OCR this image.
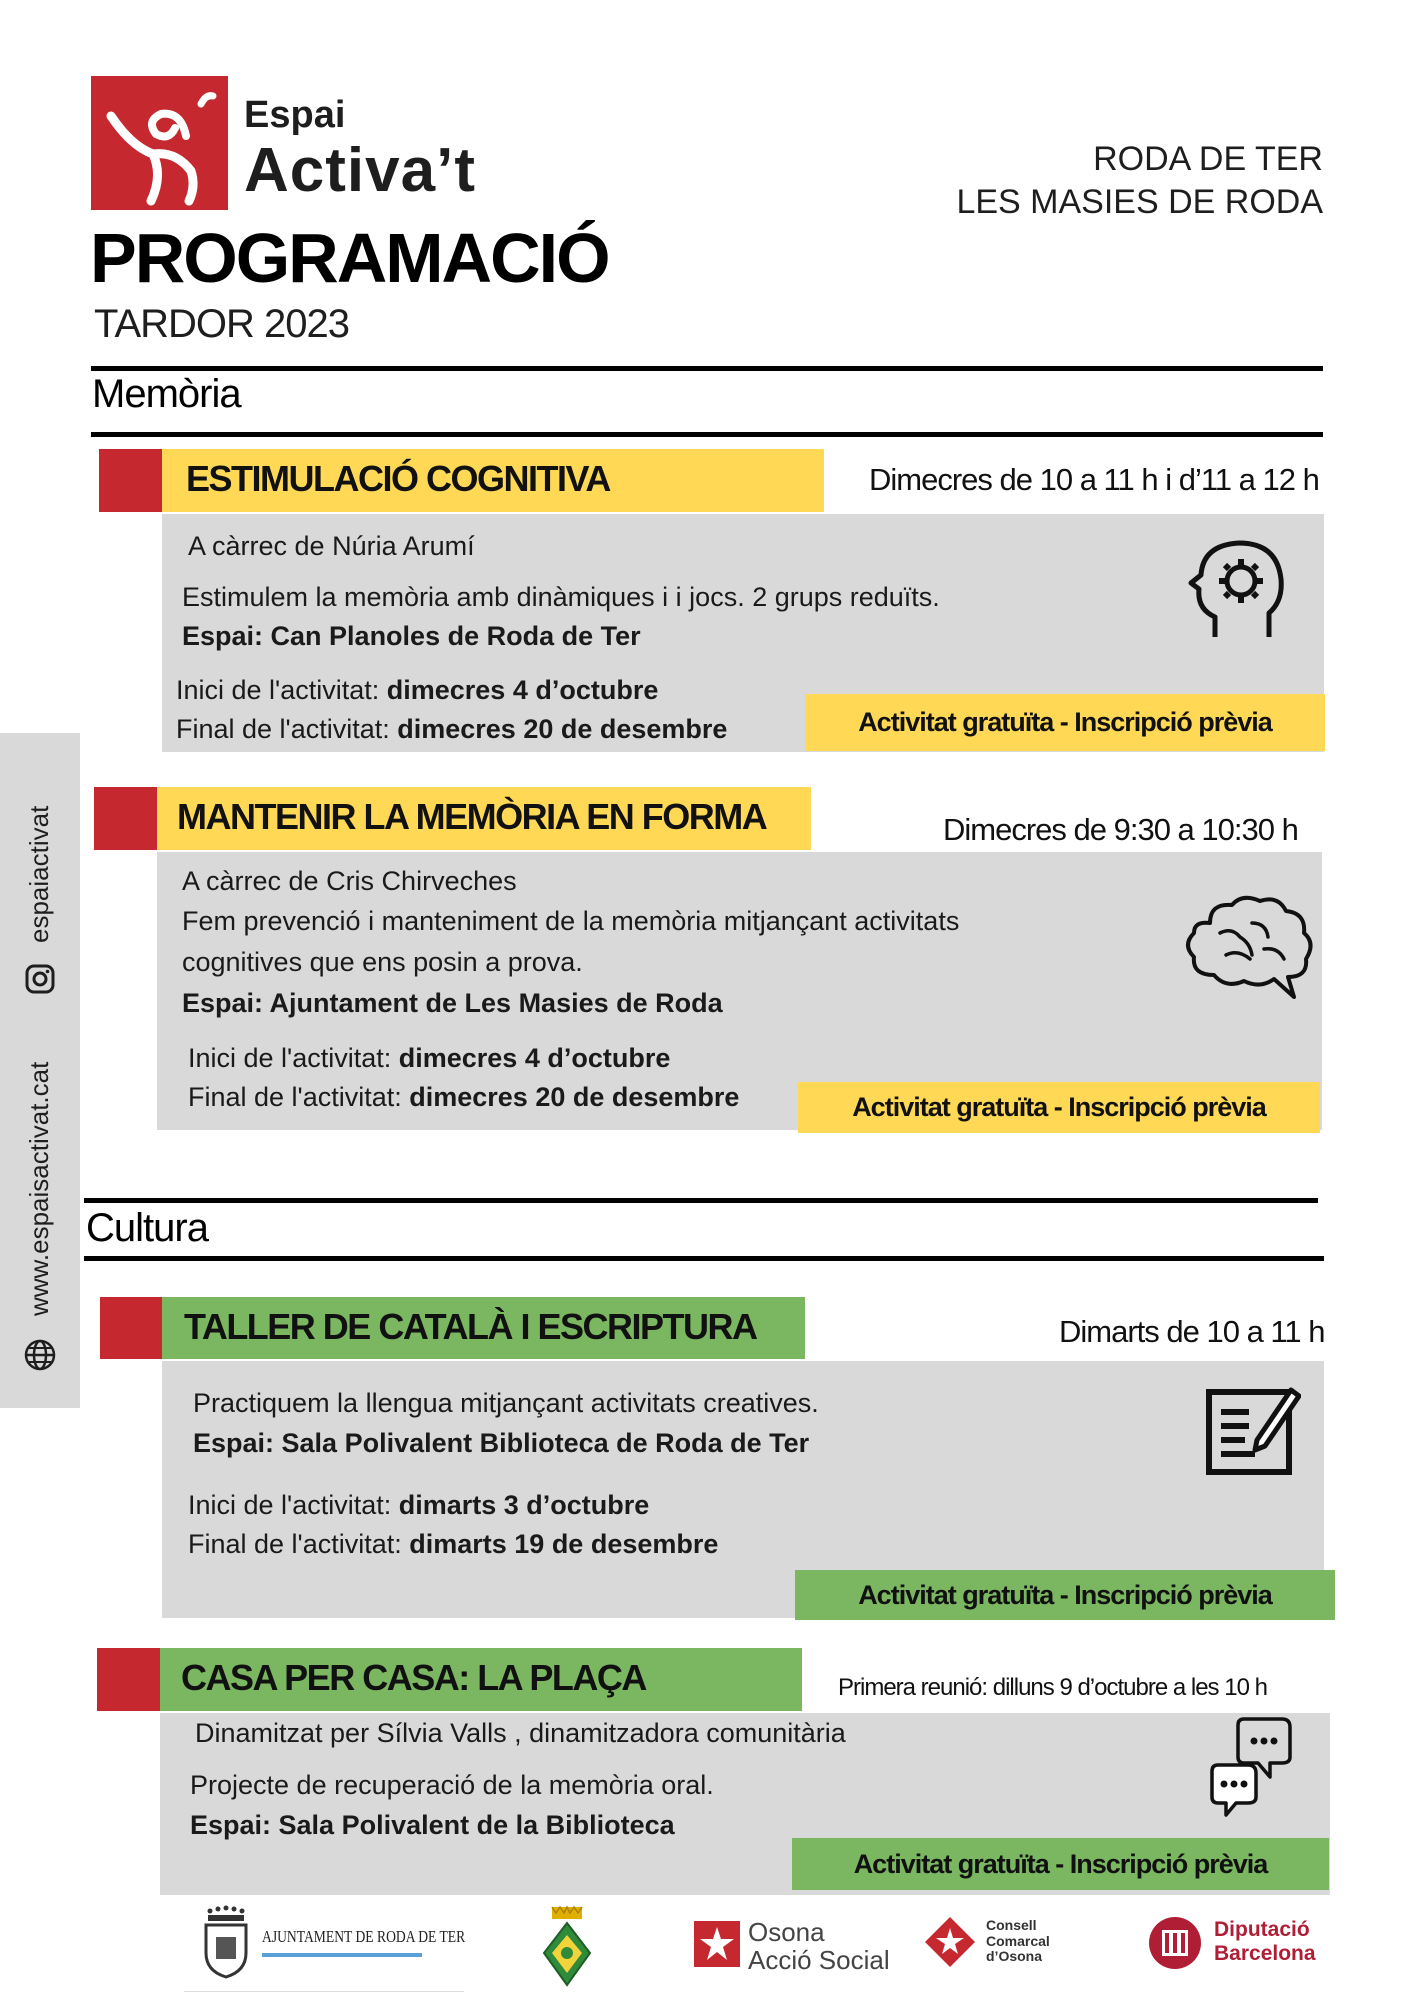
Espai
Activa’t	RODA DE TER
LES MASIES DE RODA
PROGRAMACIÓ
TARDOR 2023
espaiactivat
www.espaisactivat.cat
Memòria
ESTIMULACIÓ COGNITIVA	Dimecres de 10 a 11 h i d’11 a 12 h
A càrrec de Núria Arumí
Estimulem la memòria amb dinàmiques i i jocs. 2 grups reduïts.
Espai: Can Planoles de Roda de Ter
Inici de l'activitat: dimecres 4 d’octubre
Final de l'activitat: dimecres 20 de desembre	Activitat gratuïta - Inscripció prèvia
MANTENIR LA MEMÒRIA EN FORMA	Dimecres de 9:30 a 10:30 h
A càrrec de Cris Chirveches
Fem prevenció i manteniment de la memòria mitjançant activitats
cognitives que ens posin a prova.
Espai: Ajuntament de Les Masies de Roda
Inici de l'activitat: dimecres 4 d’octubre
Final de l'activitat: dimecres 20 de desembre	Activitat gratuïta - Inscripció prèvia
Cultura
TALLER DE CATALÀ I ESCRIPTURA	Dimarts de 10 a 11 h
Practiquem la llengua mitjançant activitats creatives.
Espai: Sala Polivalent Biblioteca de Roda de Ter
Inici de l'activitat: dimarts 3 d’octubre
Final de l'activitat: dimarts 19 de desembre
Activitat gratuïta - Inscripció prèvia
CASA PER CASA: LA PLAÇA	Primera reunió: dilluns 9 d’octubre a les 10 h
Dinamitzat per Sílvia Valls , dinamitzadora comunitària
Projecte de recuperació de la memòria oral.
Espai: Sala Polivalent de la Biblioteca
Activitat gratuïta - Inscripció prèvia
AJUNTAMENT DE RODA DE TER	Osona
Acció Social
Consell
Comarcal
d’Osona
Diputació
Barcelona
